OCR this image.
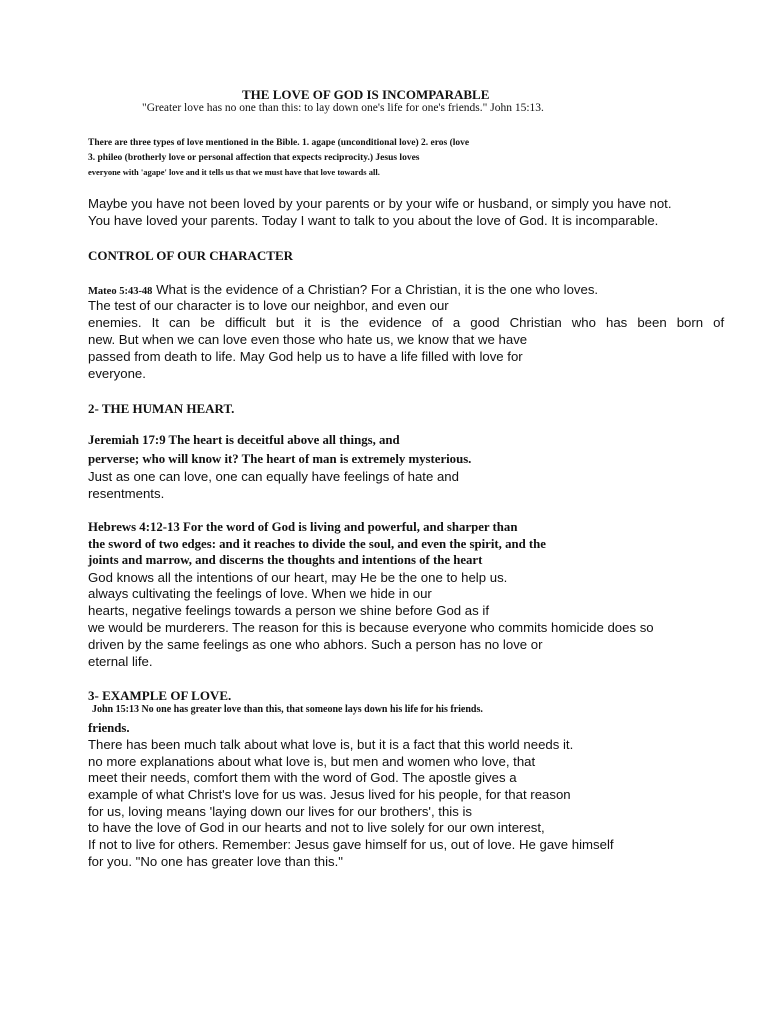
THE LOVE OF GOD IS INCOMPARABLE
"Greater love has no one than this: to lay down one's life for one's friends." John 15:13.
There are three types of love mentioned in the Bible. 1. agape (unconditional love) 2. eros (love
3. phileo (brotherly love or personal affection that expects reciprocity.) Jesus loves
everyone with 'agape' love and it tells us that we must have that love towards all.
Maybe you have not been loved by your parents or by your wife or husband, or simply you have not.
You have loved your parents. Today I want to talk to you about the love of God. It is incomparable.
CONTROL OF OUR CHARACTER
Mateo 5:43-48 What is the evidence of a Christian? For a Christian, it is the one who loves.
The test of our character is to love our neighbor, and even our
enemies. It can be difficult but it is the evidence of a good Christian who has been born of
new. But when we can love even those who hate us, we know that we have
passed from death to life. May God help us to have a life filled with love for
everyone.
2- THE HUMAN HEART.
Jeremiah 17:9 The heart is deceitful above all things, and
perverse; who will know it? The heart of man is extremely mysterious.
Just as one can love, one can equally have feelings of hate and
resentments.
Hebrews 4:12-13 For the word of God is living and powerful, and sharper than
the sword of two edges: and it reaches to divide the soul, and even the spirit, and the
joints and marrow, and discerns the thoughts and intentions of the heart
God knows all the intentions of our heart, may He be the one to help us.
always cultivating the feelings of love. When we hide in our
hearts, negative feelings towards a person we shine before God as if
we would be murderers. The reason for this is because everyone who commits homicide does so
driven by the same feelings as one who abhors. Such a person has no love or
eternal life.
3- EXAMPLE OF LOVE.
John 15:13 No one has greater love than this, that someone lays down his life for his friends.
friends.
There has been much talk about what love is, but it is a fact that this world needs it.
no more explanations about what love is, but men and women who love, that
meet their needs, comfort them with the word of God. The apostle gives a
example of what Christ's love for us was. Jesus lived for his people, for that reason
for us, loving means 'laying down our lives for our brothers', this is
to have the love of God in our hearts and not to live solely for our own interest,
If not to live for others. Remember: Jesus gave himself for us, out of love. He gave himself
for you. "No one has greater love than this."
